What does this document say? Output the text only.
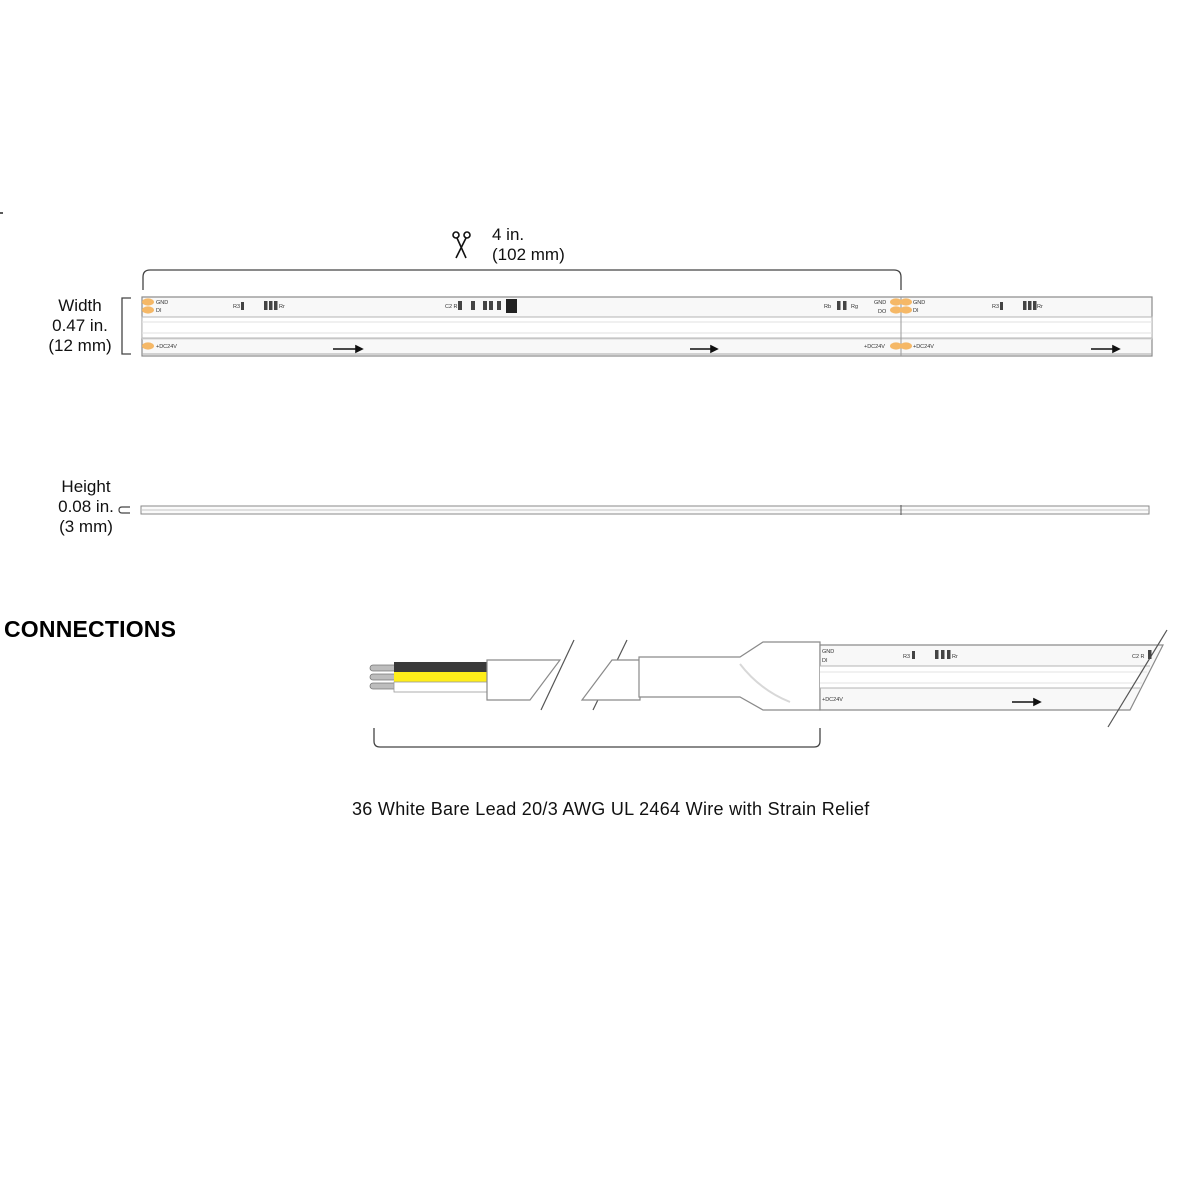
4 in.
(102 mm)
Width
0.47 in.
(12 mm)
Height
0.08 in.
(3 mm)
CONNECTIONS
36 White Bare Lead 20/3 AWG UL 2464 Wire with Strain Relief
GND
DI
+DC24V
R3	Rr	C2 R	Rb	Rg
GND
DO
+DC24V
GND
DI
+DC24V
R3	Rr
GND
DI
+DC24V
R3	Rr	C2 R
